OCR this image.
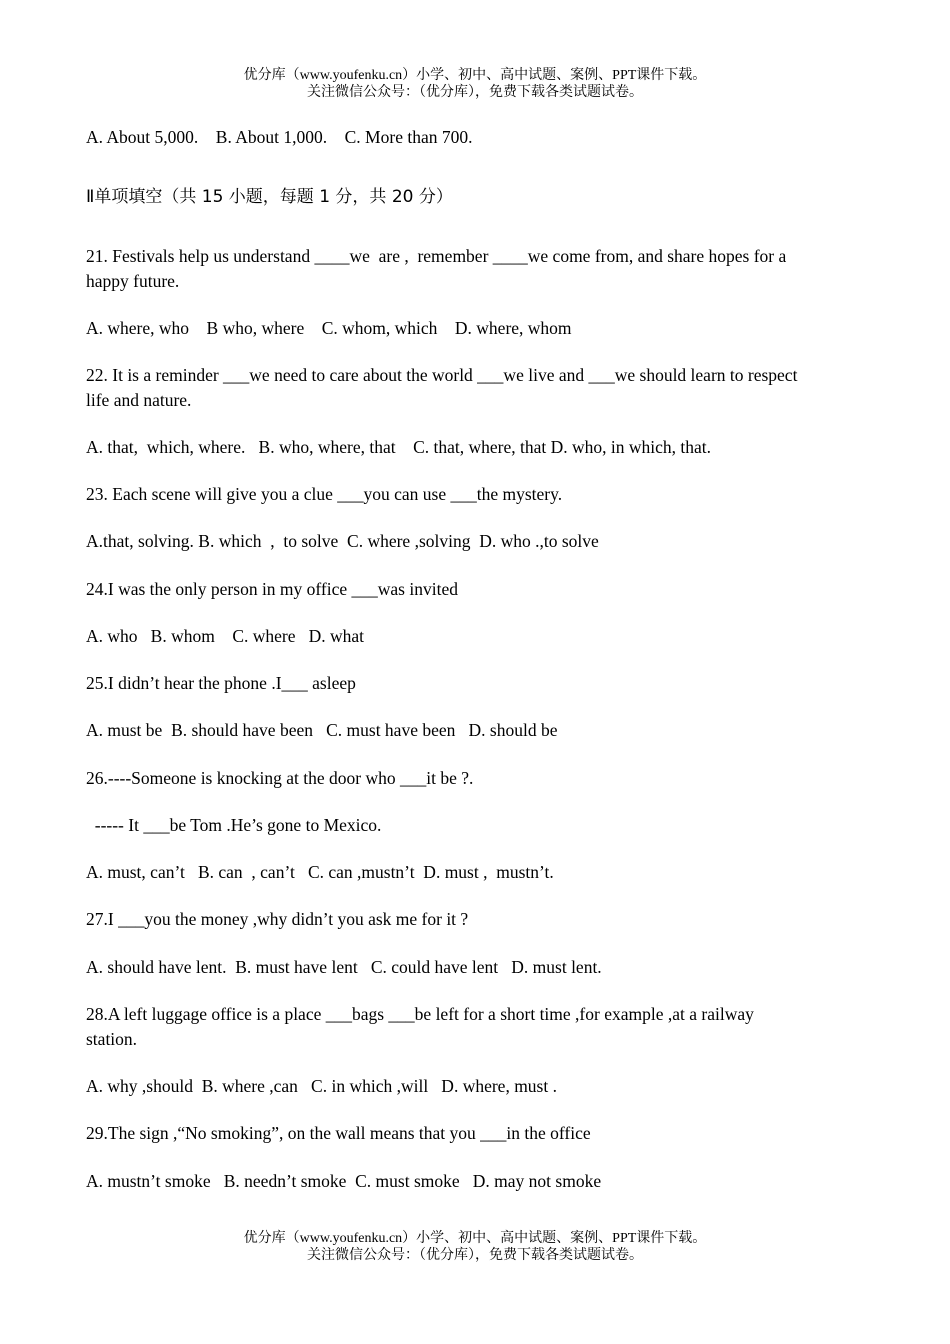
优分库（www.youfenku.cn）小学、初中、高中试题、案例、PPT课件下载。
关注微信公众号：（优分库），免费下载各类试题试卷。
A. About 5,000.    B. About 1,000.    C. More than 700.
Ⅱ单项填空（共 15 小题，每题 1 分，共 20 分）
21. Festivals help us understand ____we  are ,  remember ____we come from, and share hopes for a
happy future.
A. where, who    B who, where    C. whom, which    D. where, whom
22. It is a reminder ___we need to care about the world ___we live and ___we should learn to respect
life and nature.
A. that,  which, where.   B. who, where, that    C. that, where, that D. who, in which, that.
23. Each scene will give you a clue ___you can use ___the mystery.
A.that, solving. B. which  ,  to solve  C. where ,solving  D. who .,to solve
24.I was the only person in my office ___was invited
A. who   B. whom    C. where   D. what
25.I didn’t hear the phone .I___ asleep
A. must be  B. should have been   C. must have been   D. should be
26.----Someone is knocking at the door who ___it be ?.
----- It ___be Tom .He’s gone to Mexico.
A. must, can’t   B. can  , can’t   C. can ,mustn’t  D. must ,  mustn’t.
27.I ___you the money ,why didn’t you ask me for it ?
A. should have lent.  B. must have lent   C. could have lent   D. must lent.
28.A left luggage office is a place ___bags ___be left for a short time ,for example ,at a railway
station.
A. why ,should  B. where ,can   C. in which ,will   D. where, must .
29.The sign ,“No smoking”, on the wall means that you ___in the office
A. mustn’t smoke   B. needn’t smoke  C. must smoke   D. may not smoke
优分库（www.youfenku.cn）小学、初中、高中试题、案例、PPT课件下载。
关注微信公众号：（优分库），免费下载各类试题试卷。
